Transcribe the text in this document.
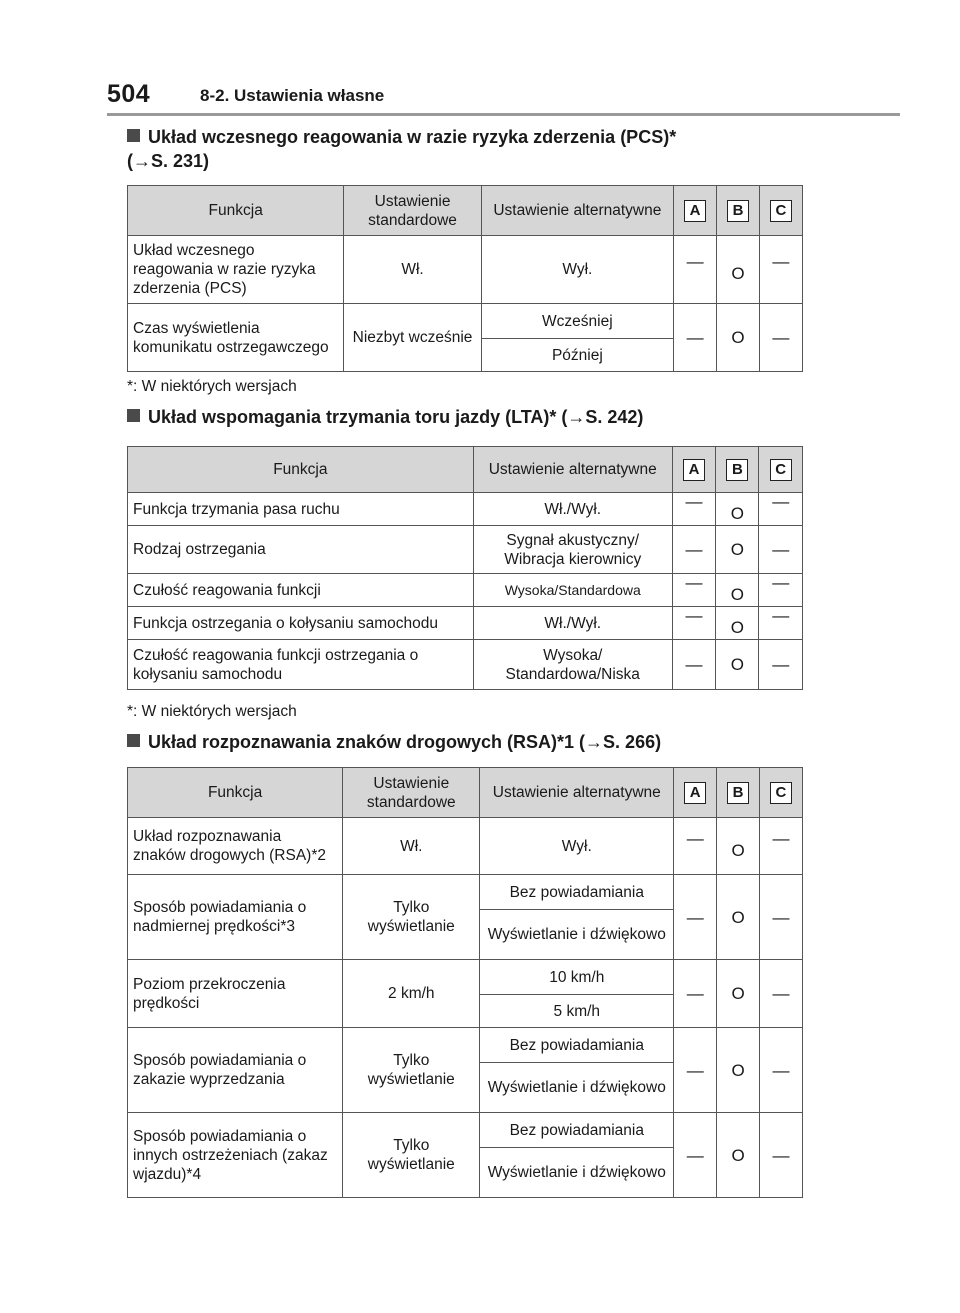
504	8-2. Ustawienia własne
Układ wczesnego reagowania w razie ryzyka zderzenia (PCS)*
(→S. 231)
Funkcja	Ustawienie standardowe	Ustawienie alternatywne	A	B	C
Układ wczesnego reagowania w razie ryzyka zderzenia (PCS)	Wł.	Wył.	—	O	—
Czas wyświetlenia komunikatu ostrzegawczego	Niezbyt wcześnie	Wcześniej	—	O	—
		Później			
*: W niektórych wersjach
Układ wspomagania trzymania toru jazdy (LTA)* (→S. 242)
Funkcja	Ustawienie alternatywne	A	B	C
Funkcja trzymania pasa ruchu	Wł./Wył.	—	O	—
Rodzaj ostrzegania	Sygnał akustyczny/ Wibracja kierownicy	—	O	—
Czułość reagowania funkcji	Wysoka/Standardowa	—	O	—
Funkcja ostrzegania o kołysaniu samochodu	Wł./Wył.	—	O	—
Czułość reagowania funkcji ostrzegania o kołysaniu samochodu	Wysoka/ Standardowa/Niska	—	O	—
*: W niektórych wersjach
Układ rozpoznawania znaków drogowych (RSA)*1 (→S. 266)
Funkcja	Ustawienie standardowe	Ustawienie alternatywne	A	B	C
Układ rozpoznawania znaków drogowych (RSA)*2	Wł.	Wył.	—	O	—
Sposób powiadamiania o nadmiernej prędkości*3	Tylko wyświetlanie	Bez powiadamiania	—	O	—
		Wyświetlanie i dźwiękowo			
Poziom przekroczenia prędkości	2 km/h	10 km/h	—	O	—
		5 km/h			
Sposób powiadamiania o zakazie wyprzedzania	Tylko wyświetlanie	Bez powiadamiania	—	O	—
		Wyświetlanie i dźwiękowo			
Sposób powiadamiania o innych ostrzeżeniach (zakaz wjazdu)*4	Tylko wyświetlanie	Bez powiadamiania	—	O	—
		Wyświetlanie i dźwiękowo			
